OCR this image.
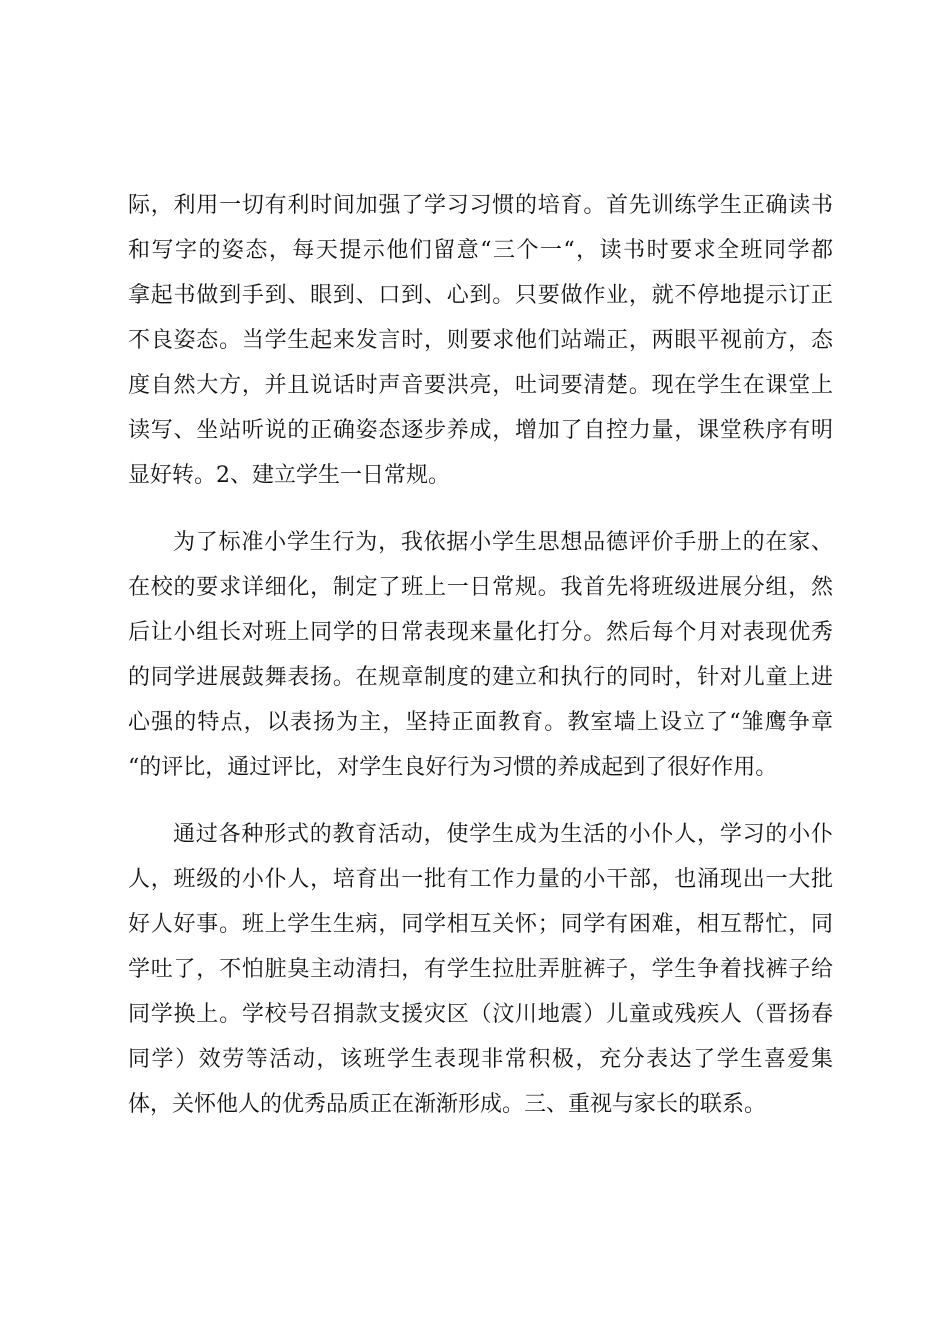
际，利用一切有利时间加强了学习习惯的培育。首先训练学生正确读书
和写字的姿态，每天提示他们留意“三个一“，读书时要求全班同学都
拿起书做到手到、眼到、口到、心到。只要做作业，就不停地提示订正
不良姿态。当学生起来发言时，则要求他们站端正，两眼平视前方，态
度自然大方，并且说话时声音要洪亮，吐词要清楚。现在学生在课堂上
读写、坐站听说的正确姿态逐步养成，增加了自控力量，课堂秩序有明
显好转。2、建立学生一日常规。
为了标准小学生行为，我依据小学生思想品德评价手册上的在家、
在校的要求详细化，制定了班上一日常规。我首先将班级进展分组，然
后让小组长对班上同学的日常表现来量化打分。然后每个月对表现优秀
的同学进展鼓舞表扬。在规章制度的建立和执行的同时，针对儿童上进
心强的特点，以表扬为主，坚持正面教育。教室墙上设立了“雏鹰争章
“的评比，通过评比，对学生良好行为习惯的养成起到了很好作用。
通过各种形式的教育活动，使学生成为生活的小仆人，学习的小仆
人，班级的小仆人，培育出一批有工作力量的小干部，也涌现出一大批
好人好事。班上学生生病，同学相互关怀；同学有困难，相互帮忙，同
学吐了，不怕脏臭主动清扫，有学生拉肚弄脏裤子，学生争着找裤子给
同学换上。学校号召捐款支援灾区（汶川地震）儿童或残疾人（晋扬春
同学）效劳等活动，该班学生表现非常积极，充分表达了学生喜爱集
体，关怀他人的优秀品质正在渐渐形成。三、重视与家长的联系。
